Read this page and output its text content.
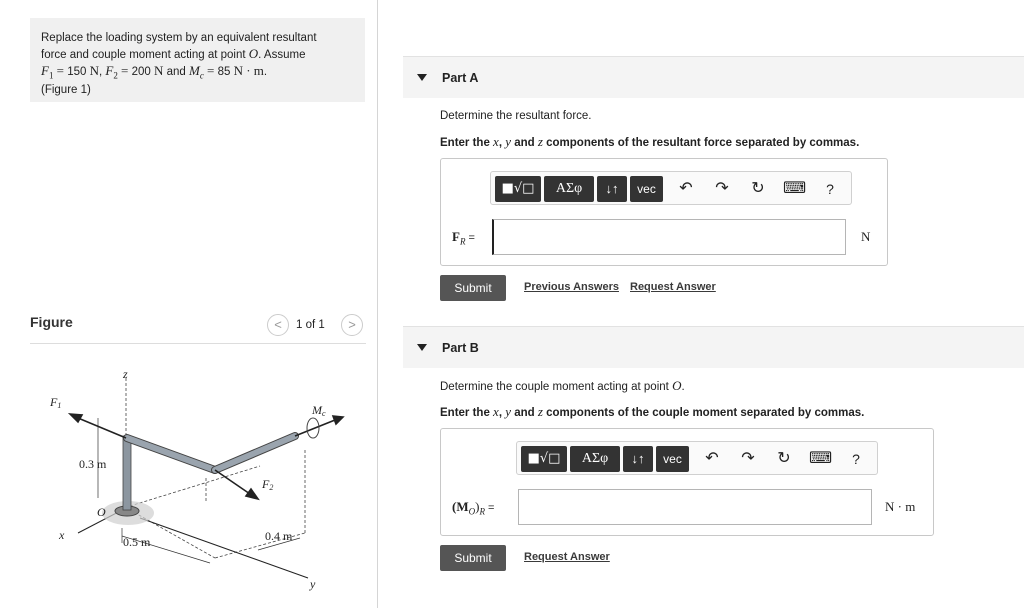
Replace the loading system by an equivalent resultant
force and couple moment acting at point O. Assume
$F_1 = 150$ N, $F_2 = 200$ N and $M_c = 85$ N · m.
(Figure 1)
Figure	<	1 of 1	>
F1
z
Mc
0.3 m
F2
O
x	0.5 m	0.4 m
y
Part A
Determine the resultant force.
Enter the x, y and z components of the resultant force separated by commas.
■√□	ΑΣφ	↓↑	vec	↶ ↷ ↻ ⌨	?
$F_R$ =	N
Submit	Previous Answers Request Answer
Part B
Determine the couple moment acting at point O.
Enter the x, y and z components of the couple moment separated by commas.
■√□	ΑΣφ	↓↑	vec	↶ ↷ ↻ ⌨	?
$(M_O)_R$ =	N · m
Submit	Request Answer
